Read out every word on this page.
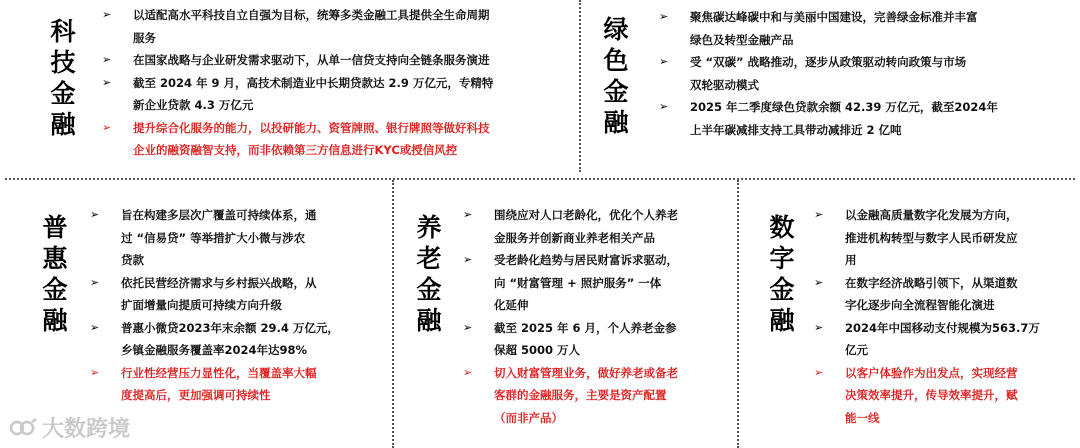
科技金融
➢ 以适配高水平科技自立自强为目标，统筹多类金融工具提供全生命周期
服务
➢ 在国家战略与企业研发需求驱动下，从单一信贷支持向全链条服务演进
➢ 截至 2024 年 9 月，高技术制造业中长期贷款达 2.9 万亿元，专精特
新企业贷款 4.3 万亿元
➢ 提升综合化服务的能力，以投研能力、资管牌照、银行牌照等做好科技
企业的融资融智支持，而非依赖第三方信息进行KYC或授信风控
绿色金融
➢ 聚焦碳达峰碳中和与美丽中国建设，完善绿金标准并丰富
绿色及转型金融产品
➢ 受 “双碳” 战略推动，逐步从政策驱动转向政策与市场
双轮驱动模式
➢ 2025 年二季度绿色贷款余额 42.39 万亿元，截至2024年
上半年碳减排支持工具带动减排近 2 亿吨
普惠金融
➢ 旨在构建多层次广覆盖可持续体系，通
过 “信易贷” 等举措扩大小微与涉农
贷款
➢ 依托民营经济需求与乡村振兴战略，从
扩面增量向提质可持续方向升级
➢ 普惠小微贷2023年末余额 29.4 万亿元，
乡镇金融服务覆盖率2024年达98%
➢ 行业性经营压力显性化，当覆盖率大幅
度提高后，更加强调可持续性
养老金融
➢ 围绕应对人口老龄化，优化个人养老
金服务并创新商业养老相关产品
➢ 受老龄化趋势与居民财富诉求驱动，
向 “财富管理 + 照护服务” 一体
化延伸
➢ 截至 2025 年 6 月，个人养老金参
保超 5000 万人
➢ 切入财富管理业务，做好养老或备老
客群的金融服务，主要是资产配置
（而非产品）
数字金融
➢ 以金融高质量数字化发展为方向，
推进机构转型与数字人民币研发应
用
➢ 在数字经济战略引领下，从渠道数
字化逐步向全流程智能化演进
➢ 2024年中国移动支付规模为563.7万
亿元
➢ 以客户体验作为出发点，实现经营
决策效率提升，传导效率提升，赋
能一线
大数跨境
